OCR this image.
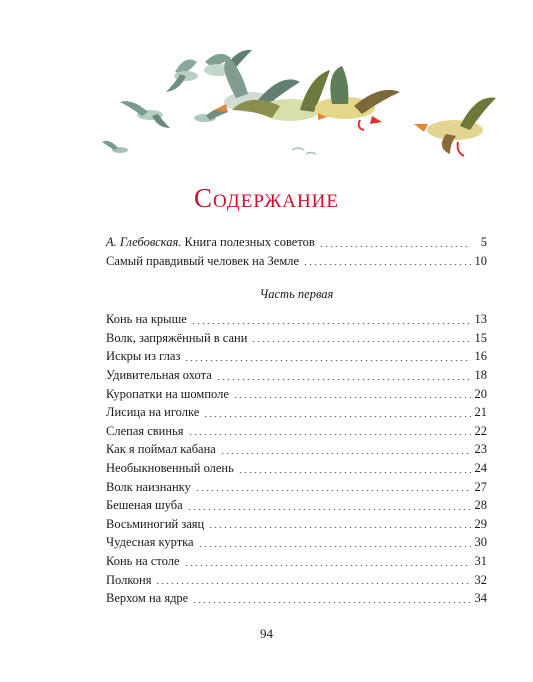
Содержание
А. Глебовская. Книга полезных советов	5
Самый правдивый человек на Земле	10
Часть первая
Конь на крыше	13
Волк, запряжённый в сани	15
Искры из глаз	16
Удивительная охота	18
Куропатки на шомполе	20
Лисица на иголке	21
Слепая свинья	22
Как я поймал кабана	23
Необыкновенный олень	24
Волк наизнанку	27
Бешеная шуба	28
Восьминогий заяц	29
Чудесная куртка	30
Конь на столе	31
Полконя	32
Верхом на ядре	34
94
